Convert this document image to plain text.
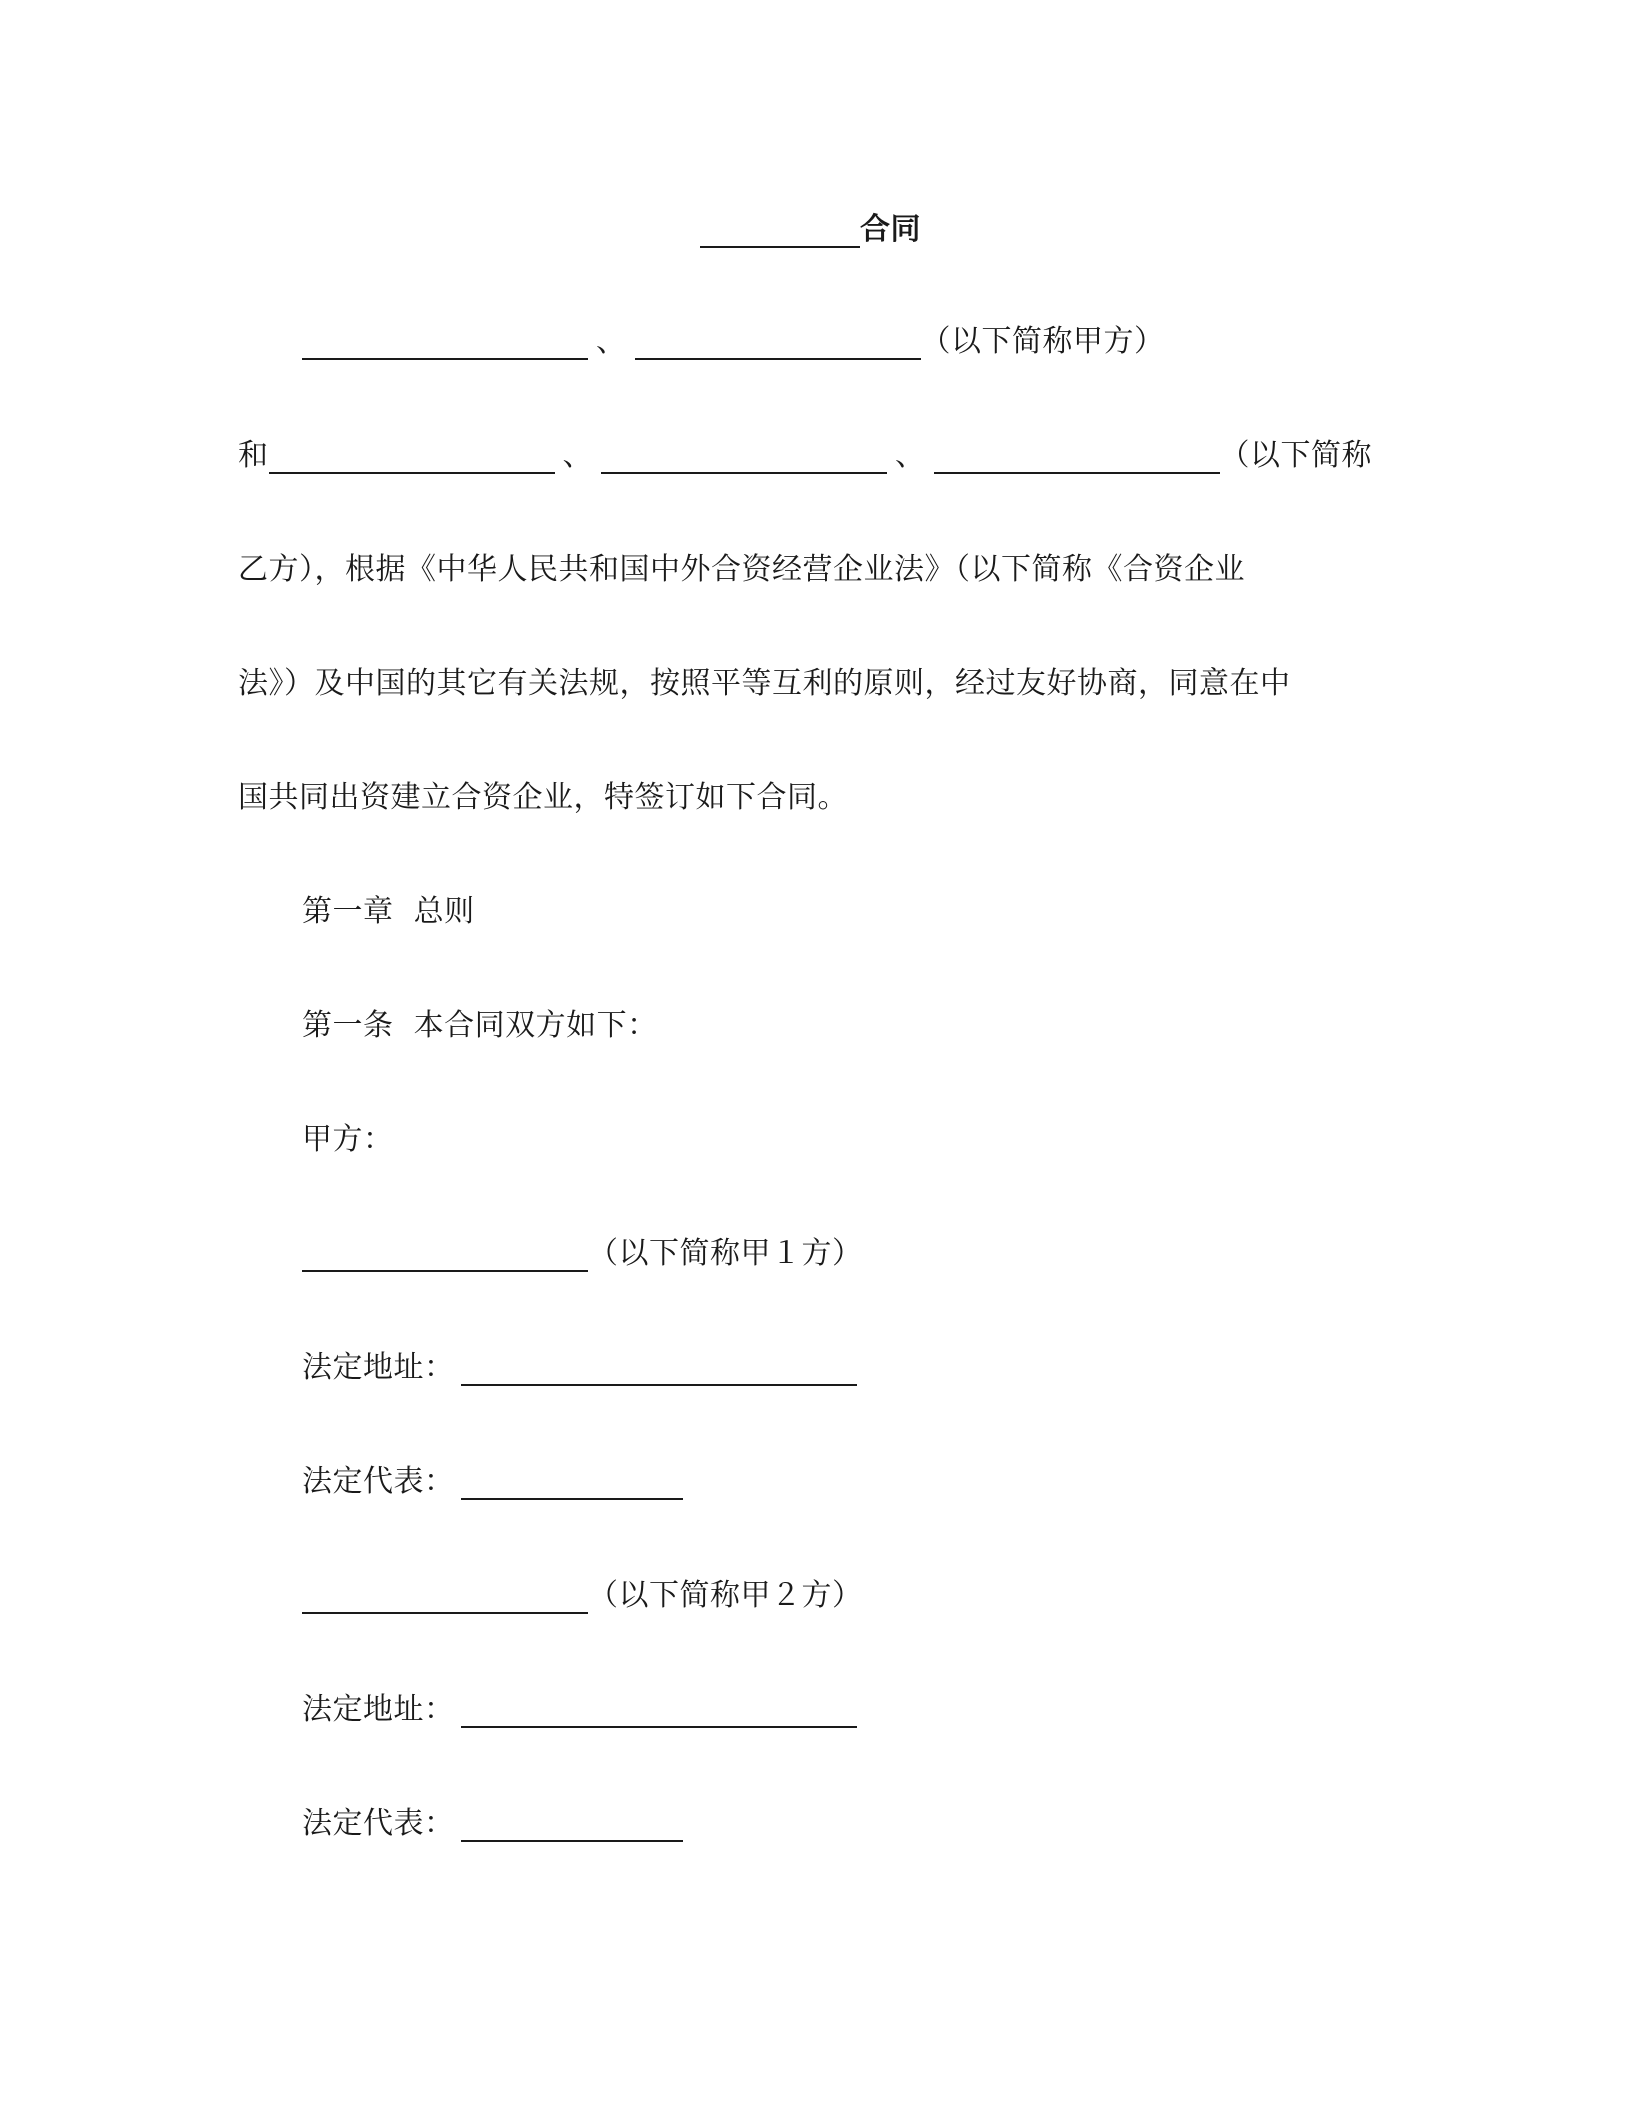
合同
、	（以下简称甲方）
和	、	、	（以下简称
乙方），根据《中华人民共和国中外合资经营企业法》（以下简称《合资企业
法》）及中国的其它有关法规，按照平等互利的原则，经过友好协商，同意在中
国共同出资建立合资企业，特签订如下合同。
第一章  总则
第一条  本合同双方如下：
甲方：
（以下简称甲１方）
法定地址：
法定代表：
（以下简称甲２方）
法定地址：
法定代表：
